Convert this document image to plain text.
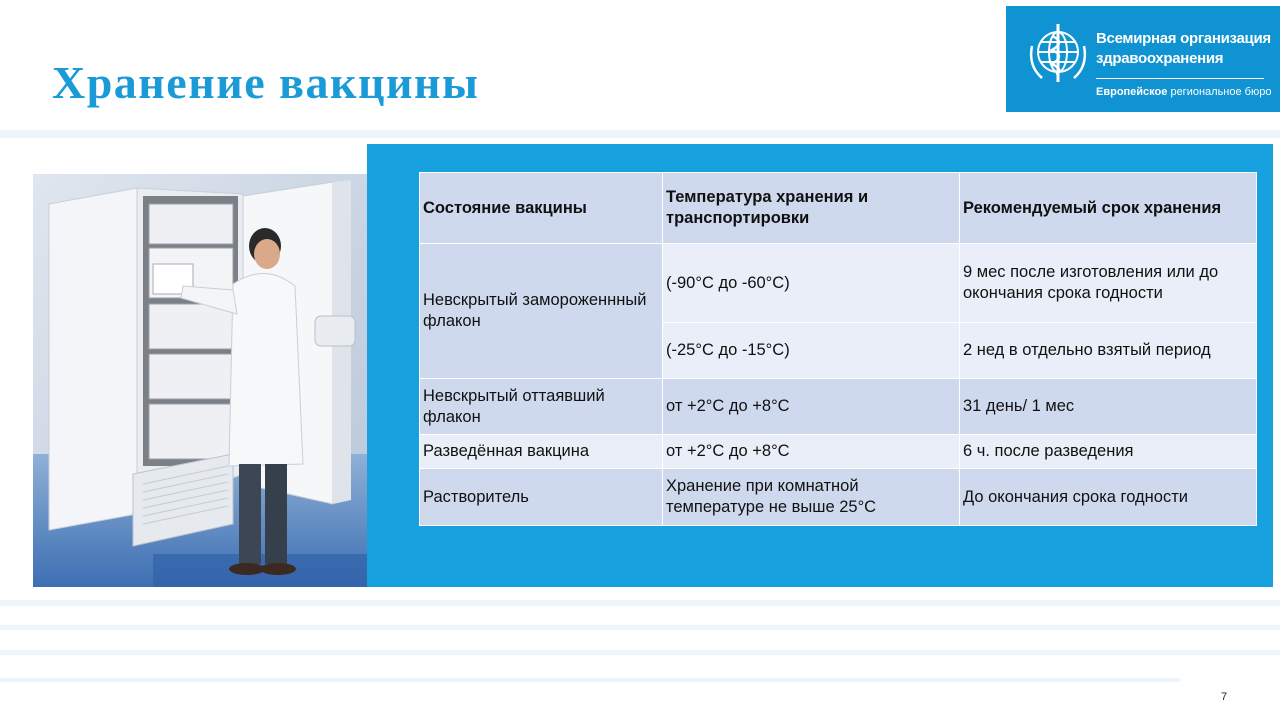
Хранение вакцины
Всемирная организация
здравоохранения
Европейское региональное бюро
Состояние вакцины	Температура хранения и транспортировки	Рекомендуемый срок хранения
Невскрытый замороженнный флакон	(-90°C до -60°C)	9 мес после изготовления или до окончания срока годности
	(-25°C до -15°C)	2 нед в отдельно взятый период
Невскрытый оттаявший флакон	от +2°C до +8°C	31 день/ 1 мес
Разведённая вакцина	от +2°C до +8°C	6 ч. после разведения
Растворитель	Хранение при комнатной температуре не выше 25°C	До окончания срока годности
7
